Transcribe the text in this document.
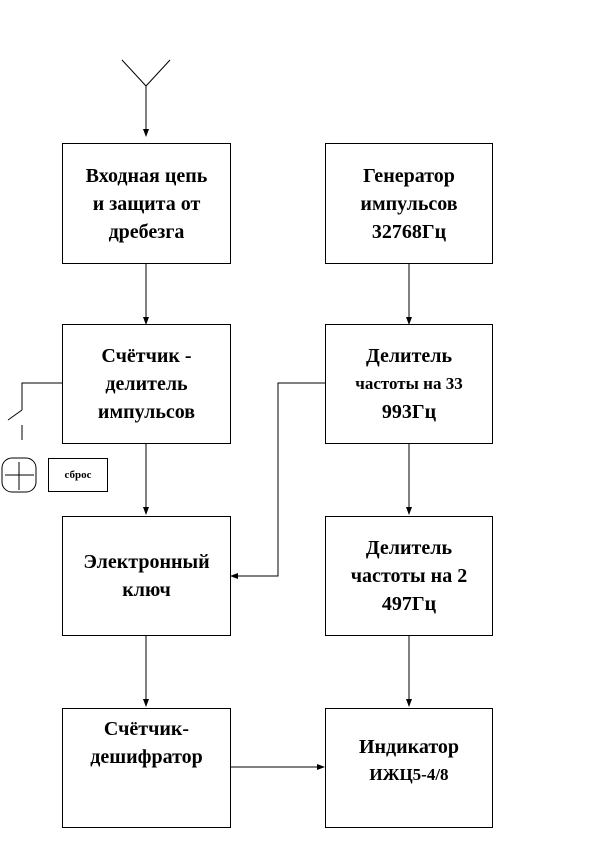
Входная цепь
и защита от
дребезга
Генератор
импульсов
32768Гц
Счётчик -
делитель
импульсов
Делитель
частоты на 33
993Гц
сброс
Электронный
ключ
Делитель
частоты на 2
497Гц
Счётчик-
дешифратор	Индикатор
ИЖЦ5-4/8
